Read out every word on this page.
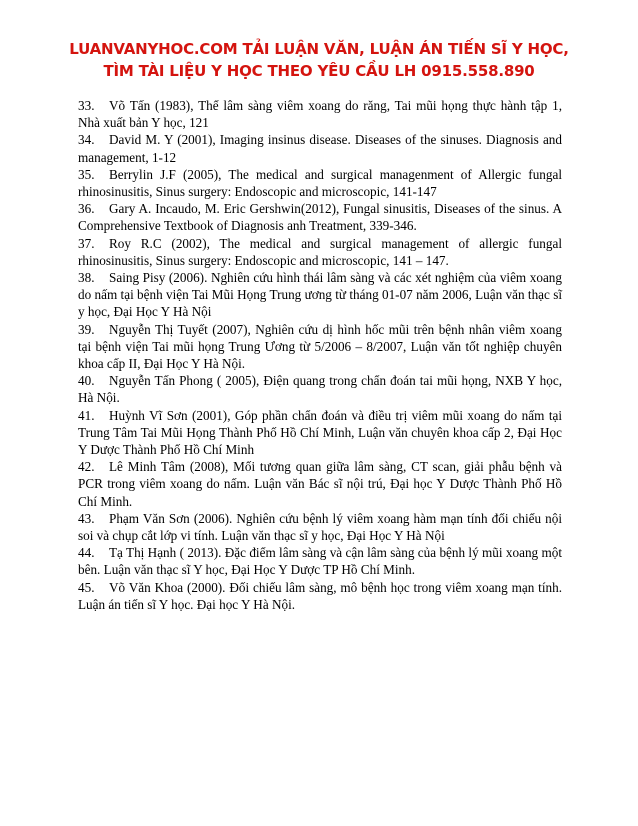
LUANVANYHOC.COM TẢI LUẬN VĂN, LUẬN ÁN TIẾN SĨ Y HỌC,
TÌM TÀI LIỆU Y HỌC THEO YÊU CẦU LH 0915.558.890
33. Võ Tấn (1983), Thể lâm sàng viêm xoang do răng, Tai mũi họng thực hành tập 1, Nhà xuất bản Y học, 121
34. David M. Y (2001), Imaging insinus disease. Diseases of the sinuses. Diagnosis and management, 1-12
35. Berrylin J.F (2005), The medical and surgical managenment of Allergic fungal rhinosinusitis, Sinus surgery: Endoscopic and microscopic, 141-147
36. Gary A. Incaudo, M. Eric Gershwin(2012), Fungal sinusitis, Diseases of the sinus. A Comprehensive Textbook of Diagnosis anh Treatment, 339-346.
37. Roy R.C (2002), The medical and surgical management of allergic fungal rhinosinusitis, Sinus surgery: Endoscopic and microscopic, 141 – 147.
38. Saing Pisy (2006). Nghiên cứu hình thái lâm sàng và các xét nghiệm của viêm xoang do nấm tại bệnh viện Tai Mũi Họng Trung ương từ tháng 01-07 năm 2006, Luận văn thạc sĩ y học, Đại Học Y Hà Nội
39. Nguyễn Thị Tuyết (2007), Nghiên cứu dị hình hốc mũi trên bệnh nhân viêm xoang tại bệnh viện Tai mũi họng Trung Ương từ 5/2006 – 8/2007, Luận văn tốt nghiệp chuyên khoa cấp II, Đại Học Y Hà Nội.
40. Nguyễn Tấn Phong ( 2005), Điện quang trong chẩn đoán tai mũi họng, NXB Y học, Hà Nội.
41. Huỳnh Vĩ Sơn (2001), Góp phần chẩn đoán và điều trị viêm mũi xoang do nấm tại Trung Tâm Tai Mũi Họng Thành Phố Hồ Chí Minh, Luận văn chuyên khoa cấp 2, Đại Học Y Dược Thành Phố Hồ Chí Minh
42. Lê Minh Tâm (2008), Mối tương quan giữa lâm sàng, CT scan, giải phẫu bệnh và PCR trong viêm xoang do nấm. Luận văn Bác sĩ nội trú, Đại học Y Dược Thành Phố Hồ Chí Minh.
43. Phạm Văn Sơn (2006). Nghiên cứu bệnh lý viêm xoang hàm mạn tính đối chiếu nội soi và chụp cắt lớp vi tính. Luận văn thạc sĩ y học, Đại Học Y Hà Nội
44. Tạ Thị Hạnh ( 2013). Đặc điểm lâm sàng và cận lâm sàng của bệnh lý mũi xoang một bên. Luận văn thạc sĩ Y học, Đại Học Y Dược TP Hồ Chí Minh.
45. Võ Văn Khoa (2000). Đối chiếu lâm sàng, mô bệnh học trong viêm xoang mạn tính. Luận án tiến sĩ Y học. Đại học Y Hà Nội.
